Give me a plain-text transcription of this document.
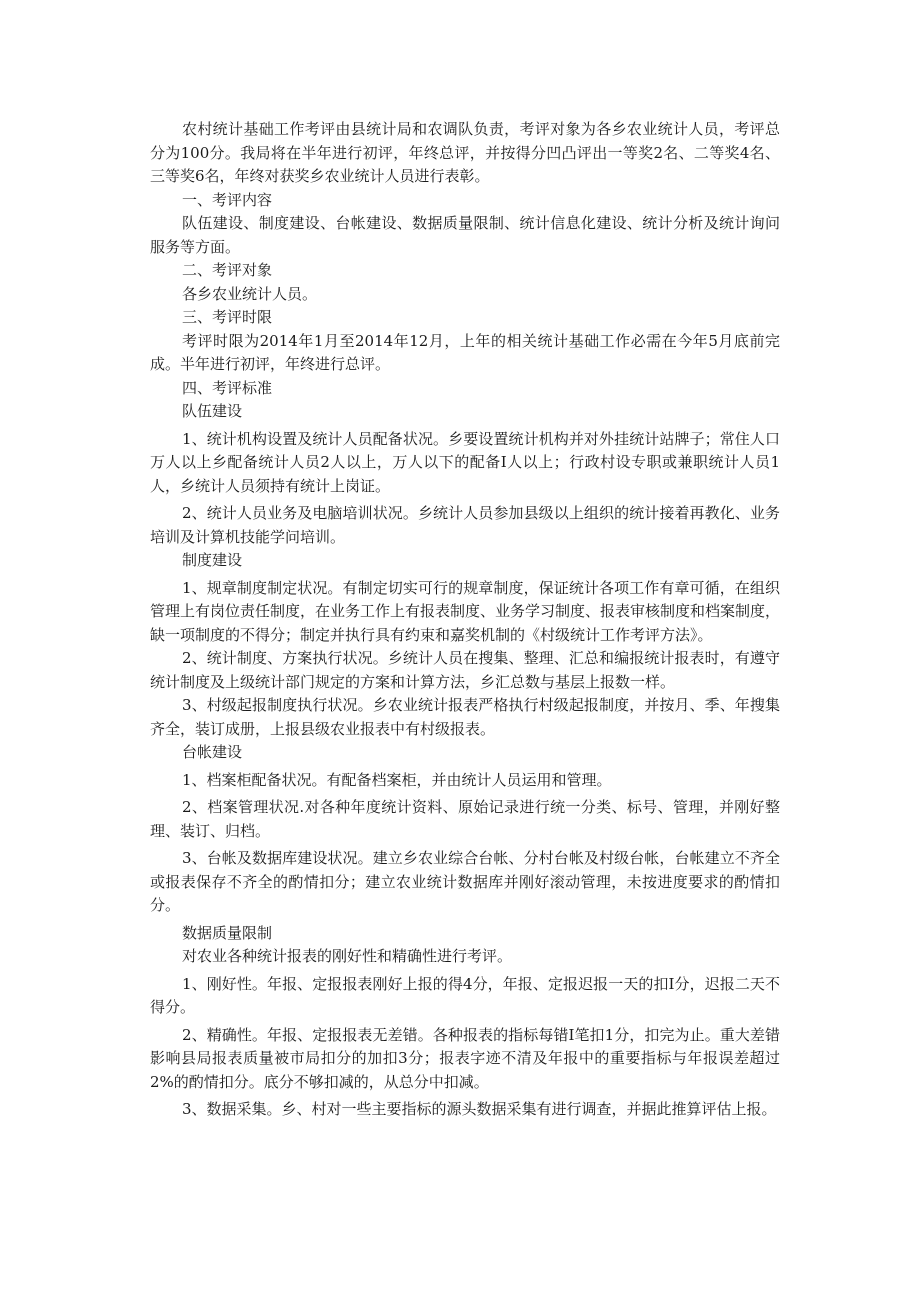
农村统计基础工作考评由县统计局和农调队负责，考评对象为各乡农业统计人员，考评总分为100分。我局将在半年进行初评，年终总评，并按得分凹凸评出一等奖2名、二等奖4名、三等奖6名，年终对获奖乡农业统计人员进行表彰。

一、考评内容

队伍建设、制度建设、台帐建设、数据质量限制、统计信息化建设、统计分析及统计询问服务等方面。

二、考评对象

各乡农业统计人员。

三、考评时限

考评时限为2014年1月至2014年12月，上年的相关统计基础工作必需在今年5月底前完成。半年进行初评，年终进行总评。

四、考评标准

队伍建设

1、统计机构设置及统计人员配备状况。乡要设置统计机构并对外挂统计站牌子；常住人口万人以上乡配备统计人员2人以上，万人以下的配备I人以上；行政村设专职或兼职统计人员1人，乡统计人员须持有统计上岗证。

2、统计人员业务及电脑培训状况。乡统计人员参加县级以上组织的统计接着再教化、业务培训及计算机技能学问培训。

制度建设

1、规章制度制定状况。有制定切实可行的规章制度，保证统计各项工作有章可循，在组织管理上有岗位责任制度，在业务工作上有报表制度、业务学习制度、报表审核制度和档案制度，缺一项制度的不得分；制定并执行具有约束和嘉奖机制的《村级统计工作考评方法》。

2、统计制度、方案执行状况。乡统计人员在搜集、整理、汇总和编报统计报表时，有遵守统计制度及上级统计部门规定的方案和计算方法，乡汇总数与基层上报数一样。

3、村级起报制度执行状况。乡农业统计报表严格执行村级起报制度，并按月、季、年搜集齐全，装订成册，上报县级农业报表中有村级报表。

台帐建设

1、档案柜配备状况。有配备档案柜，并由统计人员运用和管理。

2、档案管理状况.对各种年度统计资料、原始记录进行统一分类、标号、管理，并刚好整理、装订、归档。

3、台帐及数据库建设状况。建立乡农业综合台帐、分村台帐及村级台帐，台帐建立不齐全或报表保存不齐全的酌情扣分；建立农业统计数据库并刚好滚动管理，未按进度要求的酌情扣分。

数据质量限制

对农业各种统计报表的刚好性和精确性进行考评。

1、刚好性。年报、定报报表刚好上报的得4分，年报、定报迟报一天的扣I分，迟报二天不得分。

2、精确性。年报、定报报表无差错。各种报表的指标每错I笔扣1分，扣完为止。重大差错影响县局报表质量被市局扣分的加扣3分；报表字迹不清及年报中的重要指标与年报误差超过2%的酌情扣分。底分不够扣减的，从总分中扣减。

3、数据采集。乡、村对一些主要指标的源头数据采集有进行调查，并据此推算评估上报。
